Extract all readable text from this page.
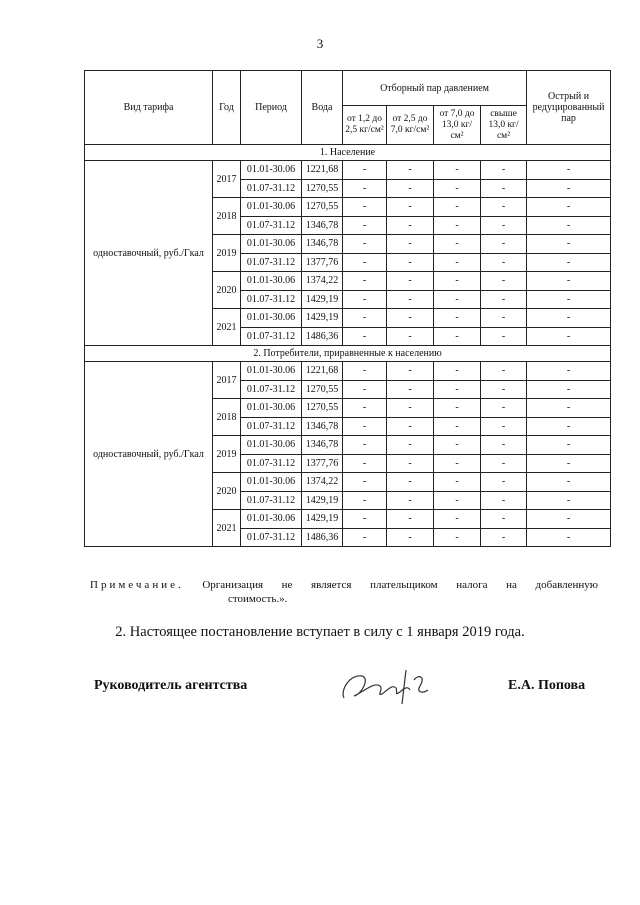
3
Вид тарифа	Год	Период	Вода	Отборный пар давлением				Острый и редуцированный пар
				от 1,2 до 2,5 кг/см²	от 2,5 до 7,0 кг/см²	от 7,0 до 13,0 кг/см²	свыше 13,0 кг/см²	
1. Население								
одноставочный, руб./Гкал	2017	01.01-30.06	1221,68	-	-	-	-	-
		01.07-31.12	1270,55	-	-	-	-	-
	2018	01.01-30.06	1270,55	-	-	-	-	-
		01.07-31.12	1346,78	-	-	-	-	-
	2019	01.01-30.06	1346,78	-	-	-	-	-
		01.07-31.12	1377,76	-	-	-	-	-
	2020	01.01-30.06	1374,22	-	-	-	-	-
		01.07-31.12	1429,19	-	-	-	-	-
	2021	01.01-30.06	1429,19	-	-	-	-	-
		01.07-31.12	1486,36	-	-	-	-	-
2. Потребители, приравненные к населению								
одноставочный, руб./Гкал	2017	01.01-30.06	1221,68	-	-	-	-	-
		01.07-31.12	1270,55	-	-	-	-	-
	2018	01.01-30.06	1270,55	-	-	-	-	-
		01.07-31.12	1346,78	-	-	-	-	-
	2019	01.01-30.06	1346,78	-	-	-	-	-
		01.07-31.12	1377,76	-	-	-	-	-
	2020	01.01-30.06	1374,22	-	-	-	-	-
		01.07-31.12	1429,19	-	-	-	-	-
	2021	01.01-30.06	1429,19	-	-	-	-	-
		01.07-31.12	1486,36	-	-	-	-	-
Примечание. Организация не является плательщиком налога на добавленную
стоимость.».
2. Настоящее постановление вступает в силу с 1 января 2019 года.
Руководитель агентства	Е.А. Попова
